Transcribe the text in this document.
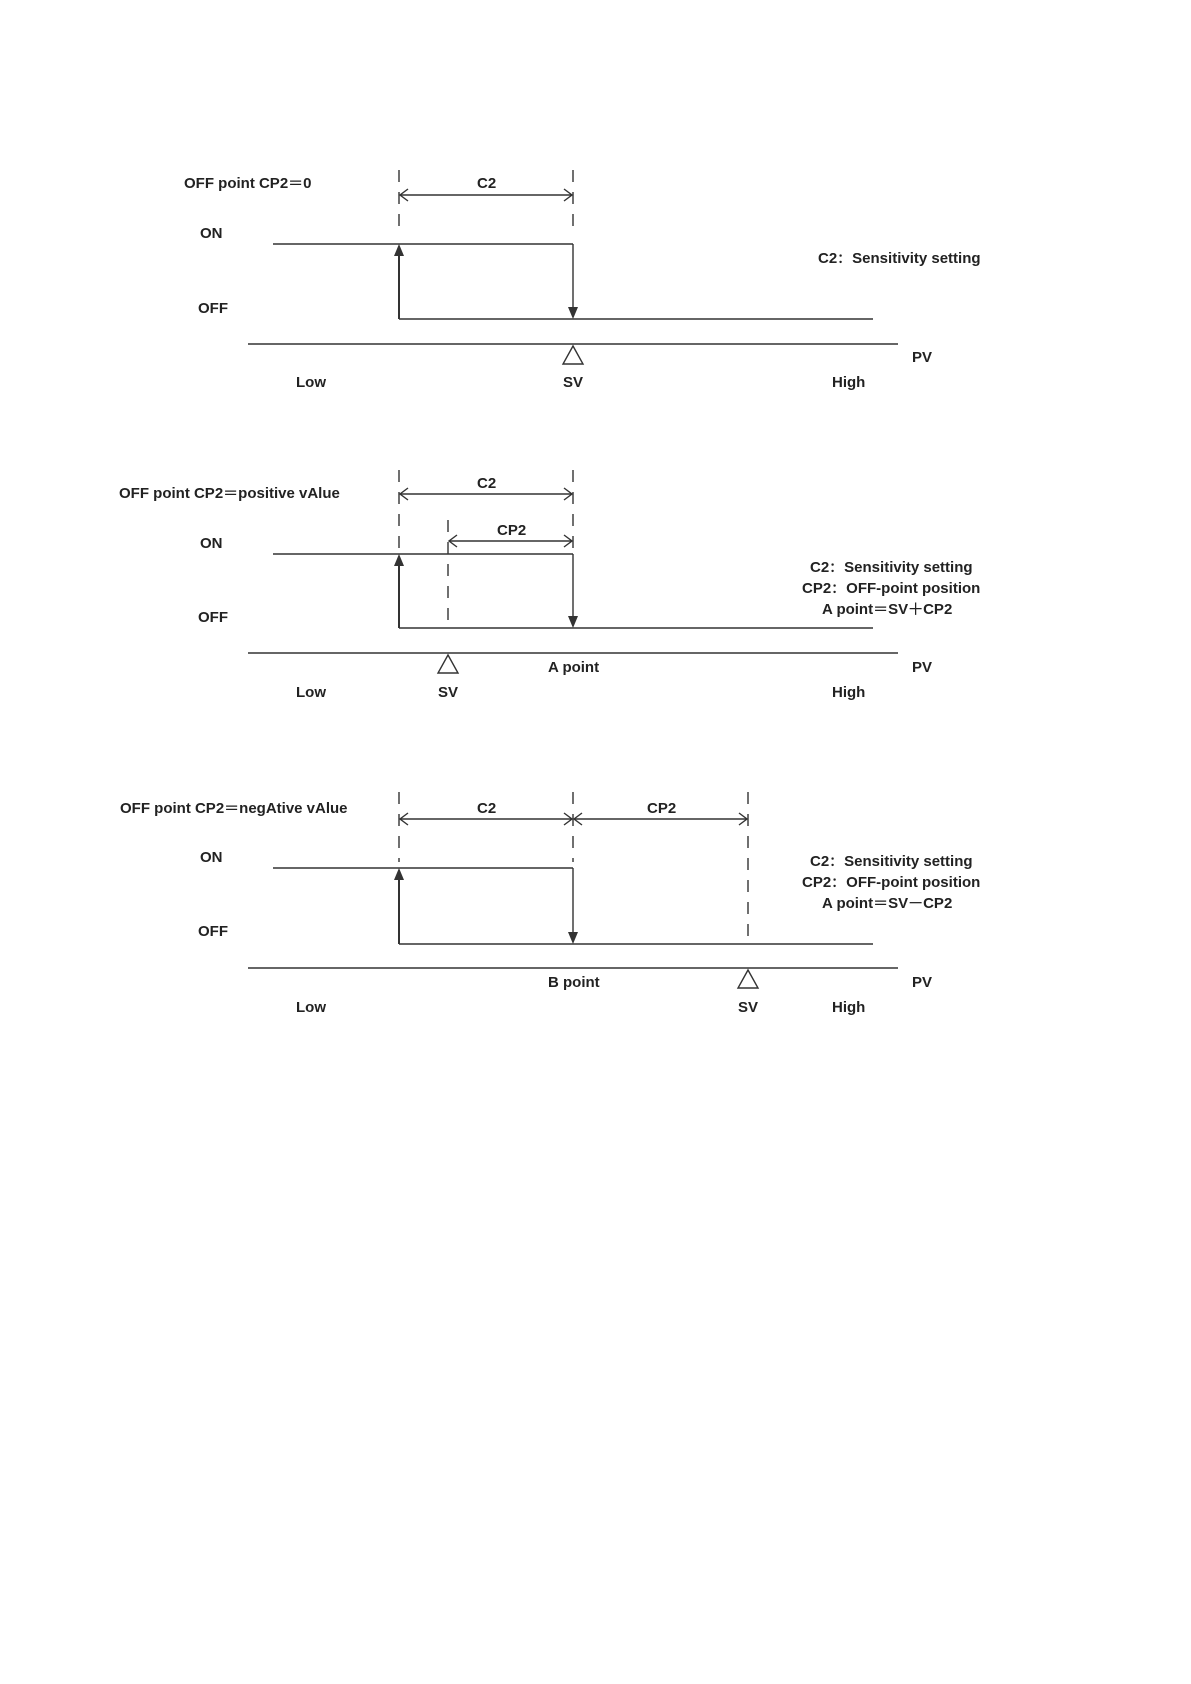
OFF point CP2＝0
ON
OFF
C2
PV
Low	SV	High
C2：Sensitivity setting
OFF point CP2＝positive vAlue
ON
OFF
C2
CP2
A point	PV
Low	SV	High
C2：Sensitivity setting
CP2：OFF-point position
A point＝SV＋CP2
OFF point CP2＝negAtive vAlue
ON
OFF
C2	CP2
B point	PV
Low	SV	High
C2：Sensitivity setting
CP2：OFF-point position
A point＝SV－CP2
